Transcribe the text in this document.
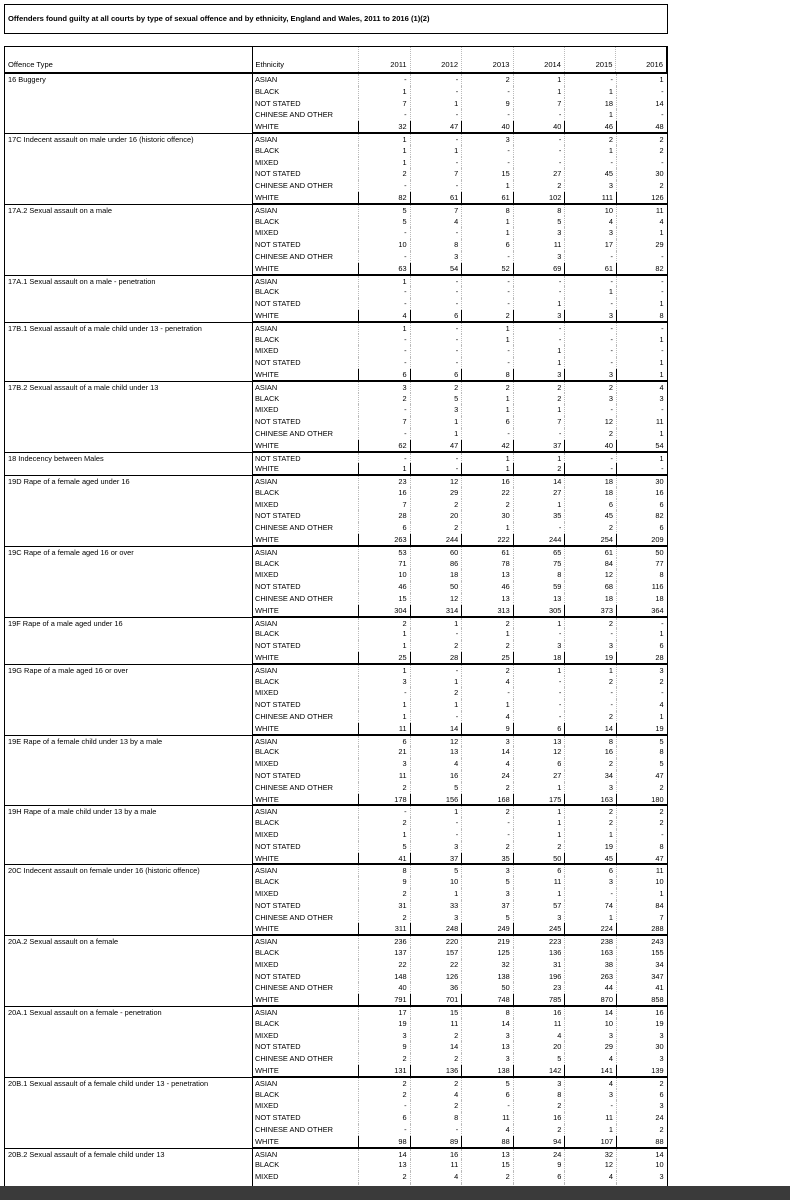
Offenders found guilty at all courts by type of sexual offence and by ethnicity, England and Wales, 2011 to 2016 (1)(2)
Offence Type	Ethnicity	2011	2012	2013	2014	2015	2016
16 Buggery	ASIAN	-	-	2	1	-	1
BLACK	1	-	-	1	1	-
NOT STATED	7	1	9	7	18	14
CHINESE AND OTHER	-	-	-	-	1	-
WHITE	32	47	40	40	46	48
17C Indecent assault on male under 16 (historic offence)	ASIAN	1	-	3	-	2	2
BLACK	1	1	-	-	1	2
MIXED	1	-	-	-	-	-
NOT STATED	2	7	15	27	45	30
CHINESE AND OTHER	-	-	1	2	3	2
WHITE	82	61	61	102	111	126
17A.2 Sexual assault on a male	ASIAN	5	7	8	8	10	11
BLACK	5	4	1	5	4	4
MIXED	-	-	1	3	3	1
NOT STATED	10	8	6	11	17	29
CHINESE AND OTHER	-	3	-	3	-	-
WHITE	63	54	52	69	61	82
17A.1 Sexual assault on a male - penetration	ASIAN	1	-	-	-	-	-
BLACK	-	-	-	-	1	-
NOT STATED	-	-	-	1	-	1
WHITE	4	6	2	3	3	8
17B.1 Sexual assault of a male child under 13 - penetration	ASIAN	1	-	1	-	-	-
BLACK	-	-	1	-	-	1
MIXED	-	-	-	1	-	-
NOT STATED	-	-	-	1	-	1
WHITE	6	6	8	3	3	1
17B.2 Sexual assault of a male child under 13	ASIAN	3	2	2	2	2	4
BLACK	2	5	1	2	3	3
MIXED	-	3	1	1	-	-
NOT STATED	7	1	6	7	12	11
CHINESE AND OTHER	-	1	-	-	2	1
WHITE	62	47	42	37	40	54
18 Indecency between Males	NOT STATED	-	-	1	1	-	1
WHITE	1	-	1	2	-	-
19D Rape of a female aged under 16	ASIAN	23	12	16	14	18	30
BLACK	16	29	22	27	18	16
MIXED	7	2	2	1	6	6
NOT STATED	28	20	30	35	45	82
CHINESE AND OTHER	6	2	1	-	2	6
WHITE	263	244	222	244	254	209
19C Rape of a female aged 16 or over	ASIAN	53	60	61	65	61	50
BLACK	71	86	78	75	84	77
MIXED	10	18	13	8	12	8
NOT STATED	46	50	46	59	68	116
CHINESE AND OTHER	15	12	13	13	18	18
WHITE	304	314	313	305	373	364
19F Rape of a male aged under 16	ASIAN	2	1	2	1	2	-
BLACK	1	-	1	-	-	1
NOT STATED	1	2	2	3	3	6
WHITE	25	28	25	18	19	28
19G Rape of a male aged 16 or over	ASIAN	1	-	2	1	1	3
BLACK	3	1	4	-	2	2
MIXED	-	2	-	-	-	-
NOT STATED	1	1	1	-	-	4
CHINESE AND OTHER	1	-	4	-	2	1
WHITE	11	14	9	6	14	19
19E Rape of a female child under 13 by a male	ASIAN	6	12	3	13	8	5
BLACK	21	13	14	12	16	8
MIXED	3	4	4	6	2	5
NOT STATED	11	16	24	27	34	47
CHINESE AND OTHER	2	5	2	1	3	2
WHITE	178	156	168	175	163	180
19H Rape of a male child under 13 by a male	ASIAN	-	1	2	1	2	2
BLACK	2	-	-	1	2	2
MIXED	1	-	-	1	1	-
NOT STATED	5	3	2	2	19	8
WHITE	41	37	35	50	45	47
20C Indecent assault on female under 16 (historic offence)	ASIAN	8	5	3	6	6	11
BLACK	9	10	5	11	3	10
MIXED	2	1	3	1	-	1
NOT STATED	31	33	37	57	74	84
CHINESE AND OTHER	2	3	5	3	1	7
WHITE	311	248	249	245	224	288
20A.2 Sexual assault on a female	ASIAN	236	220	219	223	238	243
BLACK	137	157	125	136	163	155
MIXED	22	22	32	31	38	34
NOT STATED	148	126	138	196	263	347
CHINESE AND OTHER	40	36	50	23	44	41
WHITE	791	701	748	785	870	858
20A.1 Sexual assault on a female - penetration	ASIAN	17	15	8	16	14	16
BLACK	19	11	14	11	10	19
MIXED	3	2	3	4	3	3
NOT STATED	9	14	13	20	29	30
CHINESE AND OTHER	2	2	3	5	4	3
WHITE	131	136	138	142	141	139
20B.1 Sexual assault of a female child under 13 - penetration	ASIAN	2	2	5	3	4	2
BLACK	2	4	6	8	3	6
MIXED	-	2	-	2	-	3
NOT STATED	6	8	11	16	11	24
CHINESE AND OTHER	-	-	4	2	1	2
WHITE	98	89	88	94	107	88
20B.2 Sexual assault of a female child under 13	ASIAN	14	16	13	24	32	14
BLACK	13	11	15	9	12	10
MIXED	2	4	2	6	4	3
